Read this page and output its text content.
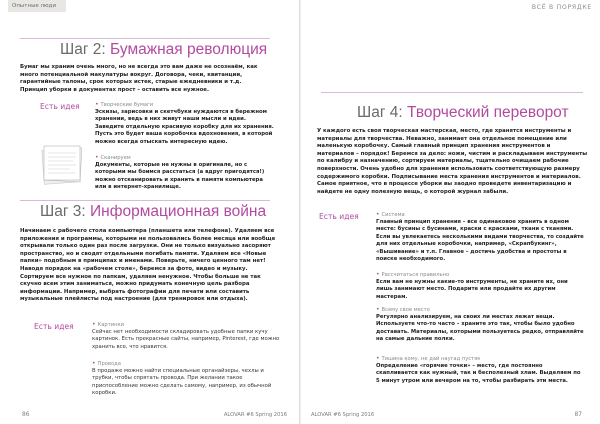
Опытные люди
Шаг 2: Бумажная революция
Бумаг мы храним очень много, но не всегда это вам даже не осознаём, как много потенциальной макулатуры вокруг. Договора, чеки, квитанции, гарантийные талоны, срок которых истек, старые ежедневники и т.д. Принцип уборки в документах прост – оставить все нужное.
Есть идея	• Творческие бумаги
Эскизы, зарисовки и скетчбуки нуждаются в бережном хранении, ведь в них живут наши мысли и идеи. Заведите отдельную красивую коробку для их хранения. Пусть это будет ваша коробочка вдохновения, в которой можно всегда отыскать интересную идею.
• Сканируем
Документы, которые не нужны в оригинале, но с которыми мы боимся расстаться (а вдруг пригодятся!) можно отсканировать и хранить в памяти компьютера или в интернет-хранилище.
Шаг 3: Информационная война
Начинаем с рабочего стола компьютера (планшета или телефона). Удаляем все приложения и программы, которыми не пользовались более месяца или вообще открывали только один раз после загрузки. Они не только визуально засоряют пространство, но и сводят отдельными погибать памяти. Удаляем все «Новые папки» подобным в принципах и именами. Поверьте, ничего ценного там нет! Наводя порядок на «рабочем столе», беремся за фото, видео и музыку. Сортируем все нужное по папкам, удаляем ненужное. Чтобы больше не так скучно всем этим заниматься, можно придумать конечную цель разбора информации. Например, выбрать фотографии для печати или составить музыкальные плейлисты под настроение (для тренировок или отдыха).
Есть идея	• Картинки
Сейчас нет необходимости складировать удобные папки кучу картинок. Есть прекрасные сайты, например, Pinterest, где можно хранить все, что нравится.
• Провода
В продаже можно найти специальные органайзеры, чехлы и трубки, чтобы спрятать провода. При желании такое приспособление можно сделать самому, например, из обычной коробки.
86	ALOVAR #6 Spring 2016
ВСЁ В ПОРЯДКЕ
Шаг 4: Творческий переворот
У каждого есть своя творческая мастерская, место, где хранятся инструменты и материалы для творчества. Неважно, занимает она отдельное помещение или маленькую коробочку. Самый главный принцип хранения инструментов и материалов – порядок! Беремся за дело: ножи, чистим и раскладываем инструменты по калибру и назначению, сортируем материалы, тщательно очищаем рабочие поверхности. Очень удобно для хранения использовать соответствующую размеру содержимого коробки. Подписывание места хранения инструментов и материалов. Самое приятное, что в процессе уборки вы заодно проведете инвентаризацию и найдете не одну полезную вещь, о которой журнал забыли.
Есть идея	• Система
Главный принцип хранения – все одинаковое хранить в одном месте: бусины с бусинами, краски с красками, ткани с тканями. Если вы увлекаетесь несколькими видами творчества, то создайте для них отдельные коробочки, например, «Скрапбукинг», «Вышивание» и т.п. Главное – достичь удобства и простоты в поиске необходимого.
• Рассчитаться правильно
Если вам не нужны какие-то инструменты, не храните их, они лишь занимают место. Подарите или продайте их другим мастерам.
• Всему свое место
Регулярно анализируем, на своих ли местах лежат вещи. Используете что-то часто – храните это так, чтобы было удобно доставать. Материалы, которыми пользуетесь редко, отправляйте на самые дальние полки.
• Тишина кому, не дай наугад пустяк
Определение «горячие точки» – место, где постоянно скапливается как нужный, так и бесполезный хлам. Выделяем по 5 минут утром или вечером на то, чтобы разбирать эти места.
ALOVAR #6 Spring 2016	87
